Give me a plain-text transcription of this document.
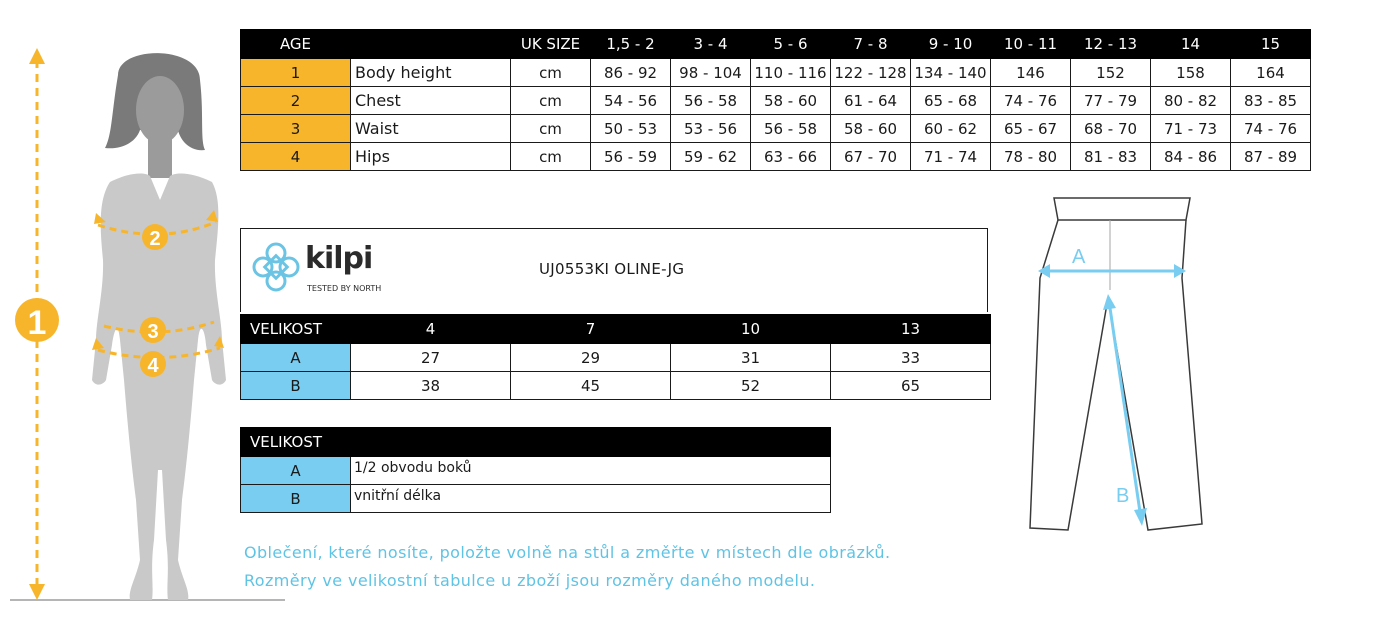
1
2
3
4
AGE		UK SIZE	1,5 - 2	3 - 4	5 - 6	7 - 8	9 - 10	10 - 11	12 - 13	14	15
1	Body height	cm	86 - 92	98 - 104	110 - 116	122 - 128	134 - 140	146	152	158	164
2	Chest	cm	54 - 56	56 - 58	58 - 60	61 - 64	65 - 68	74 - 76	77 - 79	80 - 82	83 - 85
3	Waist	cm	50 - 53	53 - 56	56 - 58	58 - 60	60 - 62	65 - 67	68 - 70	71 - 73	74 - 76
4	Hips	cm	56 - 59	59 - 62	63 - 66	67 - 70	71 - 74	78 - 80	81 - 83	84 - 86	87 - 89
kilpi
TESTED BY NORTH
UJ0553KI OLINE-JG
VELIKOST	4	7	10	13
A	27	29	31	33
B	38	45	52	65
VELIKOST	
A	1/2 obvodu boků
B	vnitřní délka
Oblečení, které nosíte, položte volně na stůl a změřte v místech dle obrázků.
Rozměry ve velikostní tabulce u zboží jsou rozměry daného modelu.
A
B
